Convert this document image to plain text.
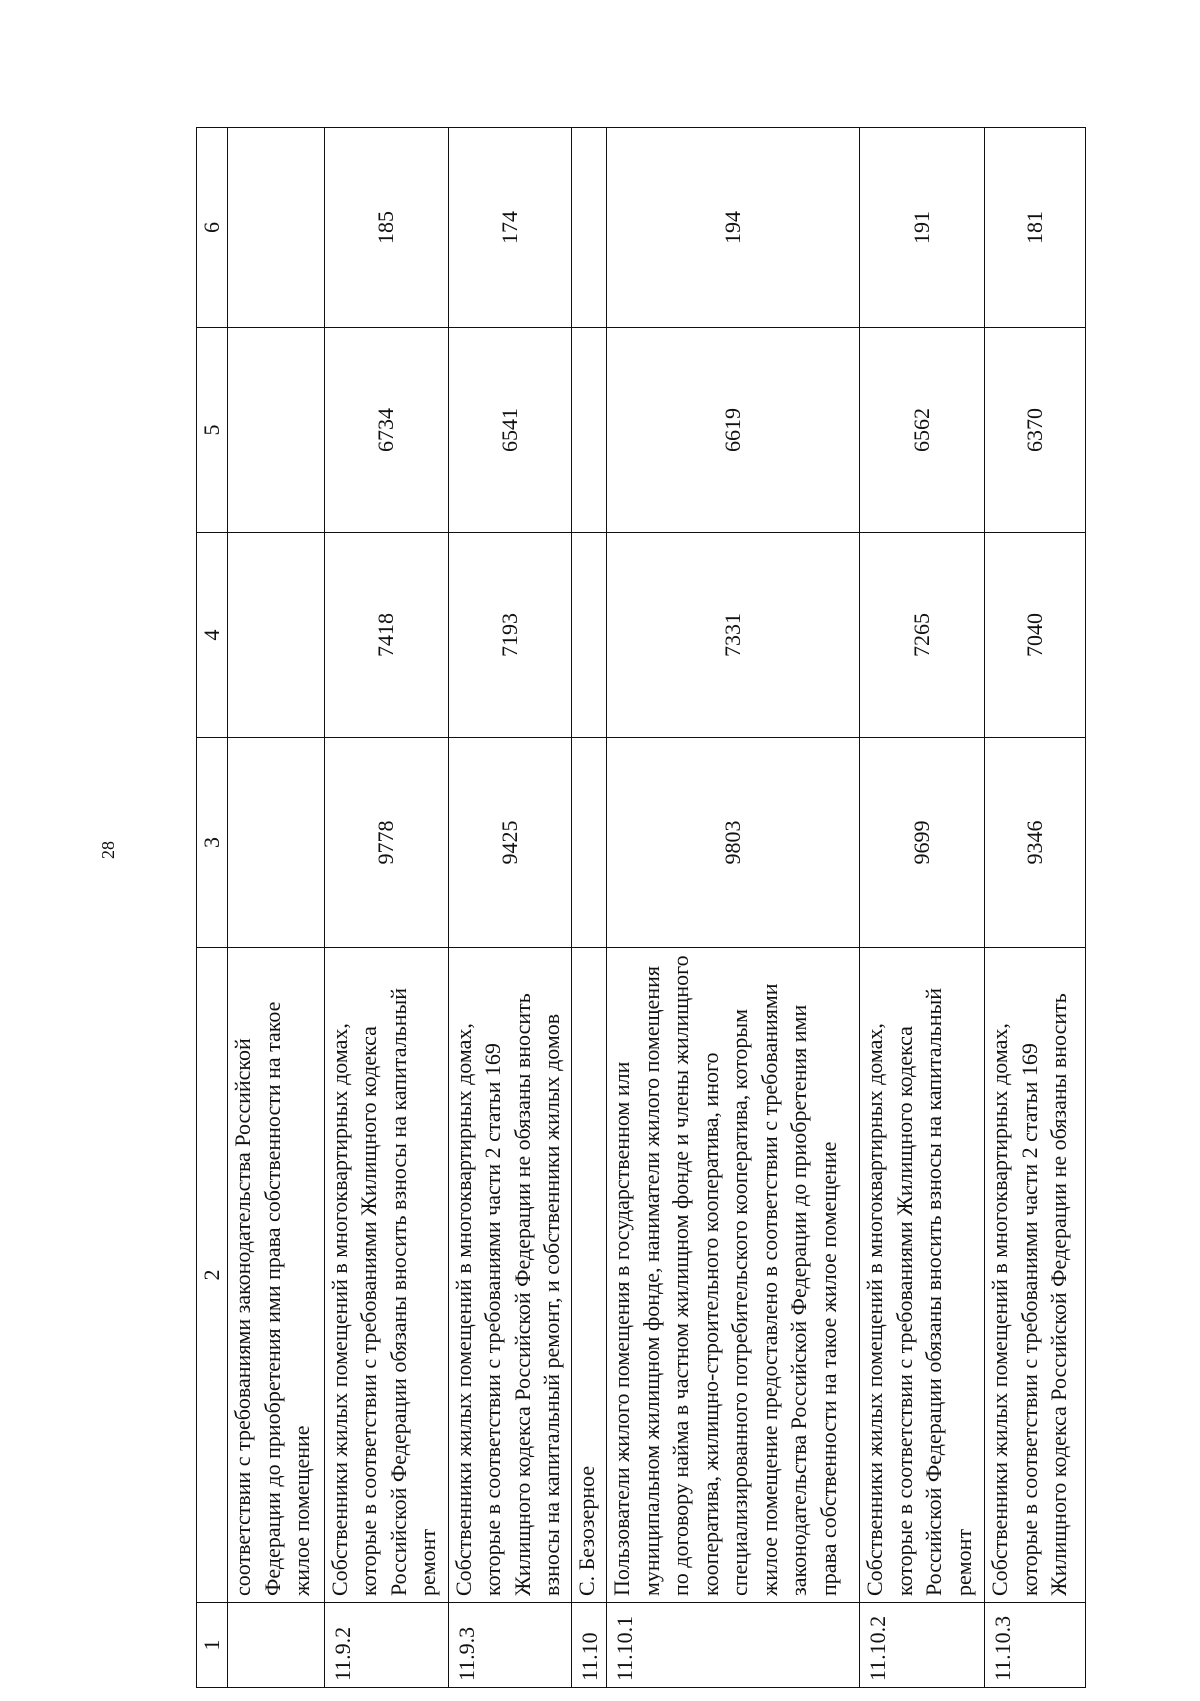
28
1	2	3	4	5	6
	соответствии с требованиями законодательства Российской Федерации до приобретения ими права собственности на такое жилое помещение				
11.9.2	Собственники жилых помещений в многоквартирных домах, которые в соответствии с требованиями Жилищного кодекса Российской Федерации обязаны вносить взносы на капитальный ремонт	9778	7418	6734	185
11.9.3	Собственники жилых помещений в многоквартирных домах, которые в соответствии с требованиями части 2 статьи 169 Жилищного кодекса Российской Федерации не обязаны вносить взносы на капитальный ремонт, и собственники жилых домов	9425	7193	6541	174
11.10	С. Безозерное				
11.10.1	Пользователи жилого помещения в государственном или муниципальном жилищном фонде, наниматели жилого помещения по договору найма в частном жилищном фонде и члены жилищного кооператива, жилищно-строительного кооператива, иного специализированного потребительского кооператива, которым жилое помещение предоставлено в соответствии с требованиями законодательства Российской Федерации до приобретения ими права собственности на такое жилое помещение	9803	7331	6619	194
11.10.2	Собственники жилых помещений в многоквартирных домах, которые в соответствии с требованиями Жилищного кодекса Российской Федерации обязаны вносить взносы на капитальный ремонт	9699	7265	6562	191
11.10.3	Собственники жилых помещений в многоквартирных домах, которые в соответствии с требованиями части 2 статьи 169 Жилищного кодекса Российской Федерации не обязаны вносить	9346	7040	6370	181
